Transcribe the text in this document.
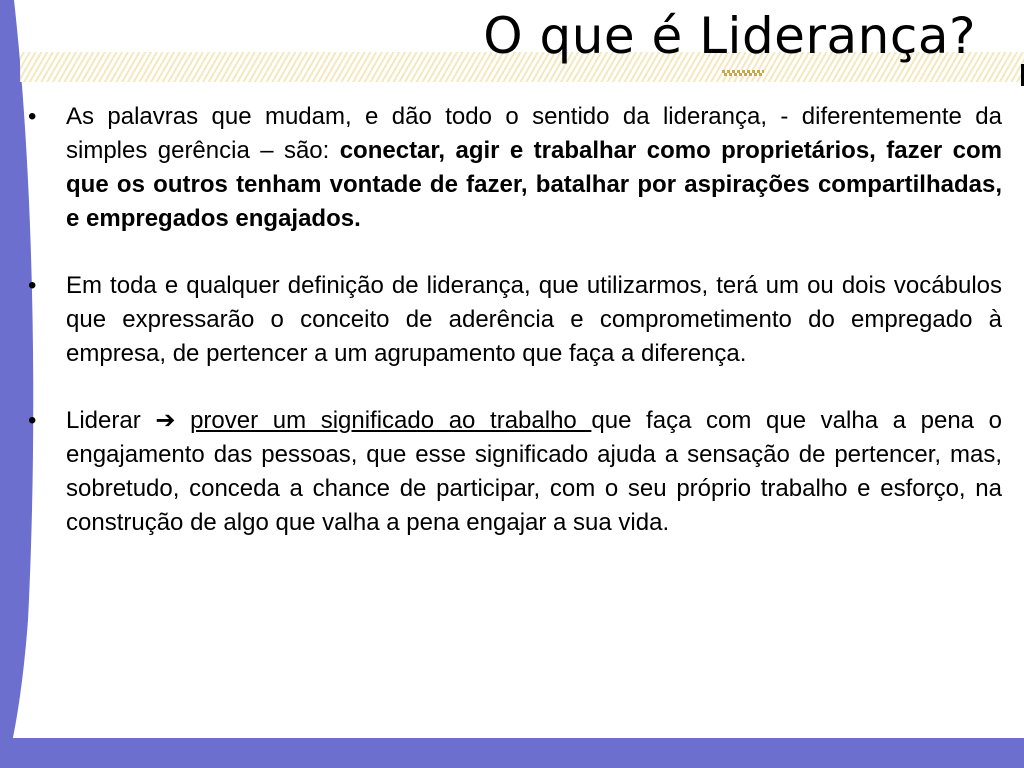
O que é Liderança?
•	As palavras que mudam, e dão todo o sentido da liderança, - diferentemente da simples gerência – são: conectar, agir e trabalhar como proprietários, fazer com que os outros tenham vontade de fazer, batalhar por aspirações compartilhadas, e empregados engajados.
•	Em toda e qualquer definição de liderança, que utilizarmos, terá um ou dois vocábulos que expressarão o conceito de aderência e comprometimento do empregado à empresa, de pertencer a um agrupamento que faça a diferença.
•	Liderar ➔ prover um significado ao trabalho que faça com que valha a pena o engajamento das pessoas, que esse significado ajuda a sensação de pertencer, mas, sobretudo, conceda a chance de participar, com o seu próprio trabalho e esforço, na construção de algo que valha a pena engajar a sua vida.
